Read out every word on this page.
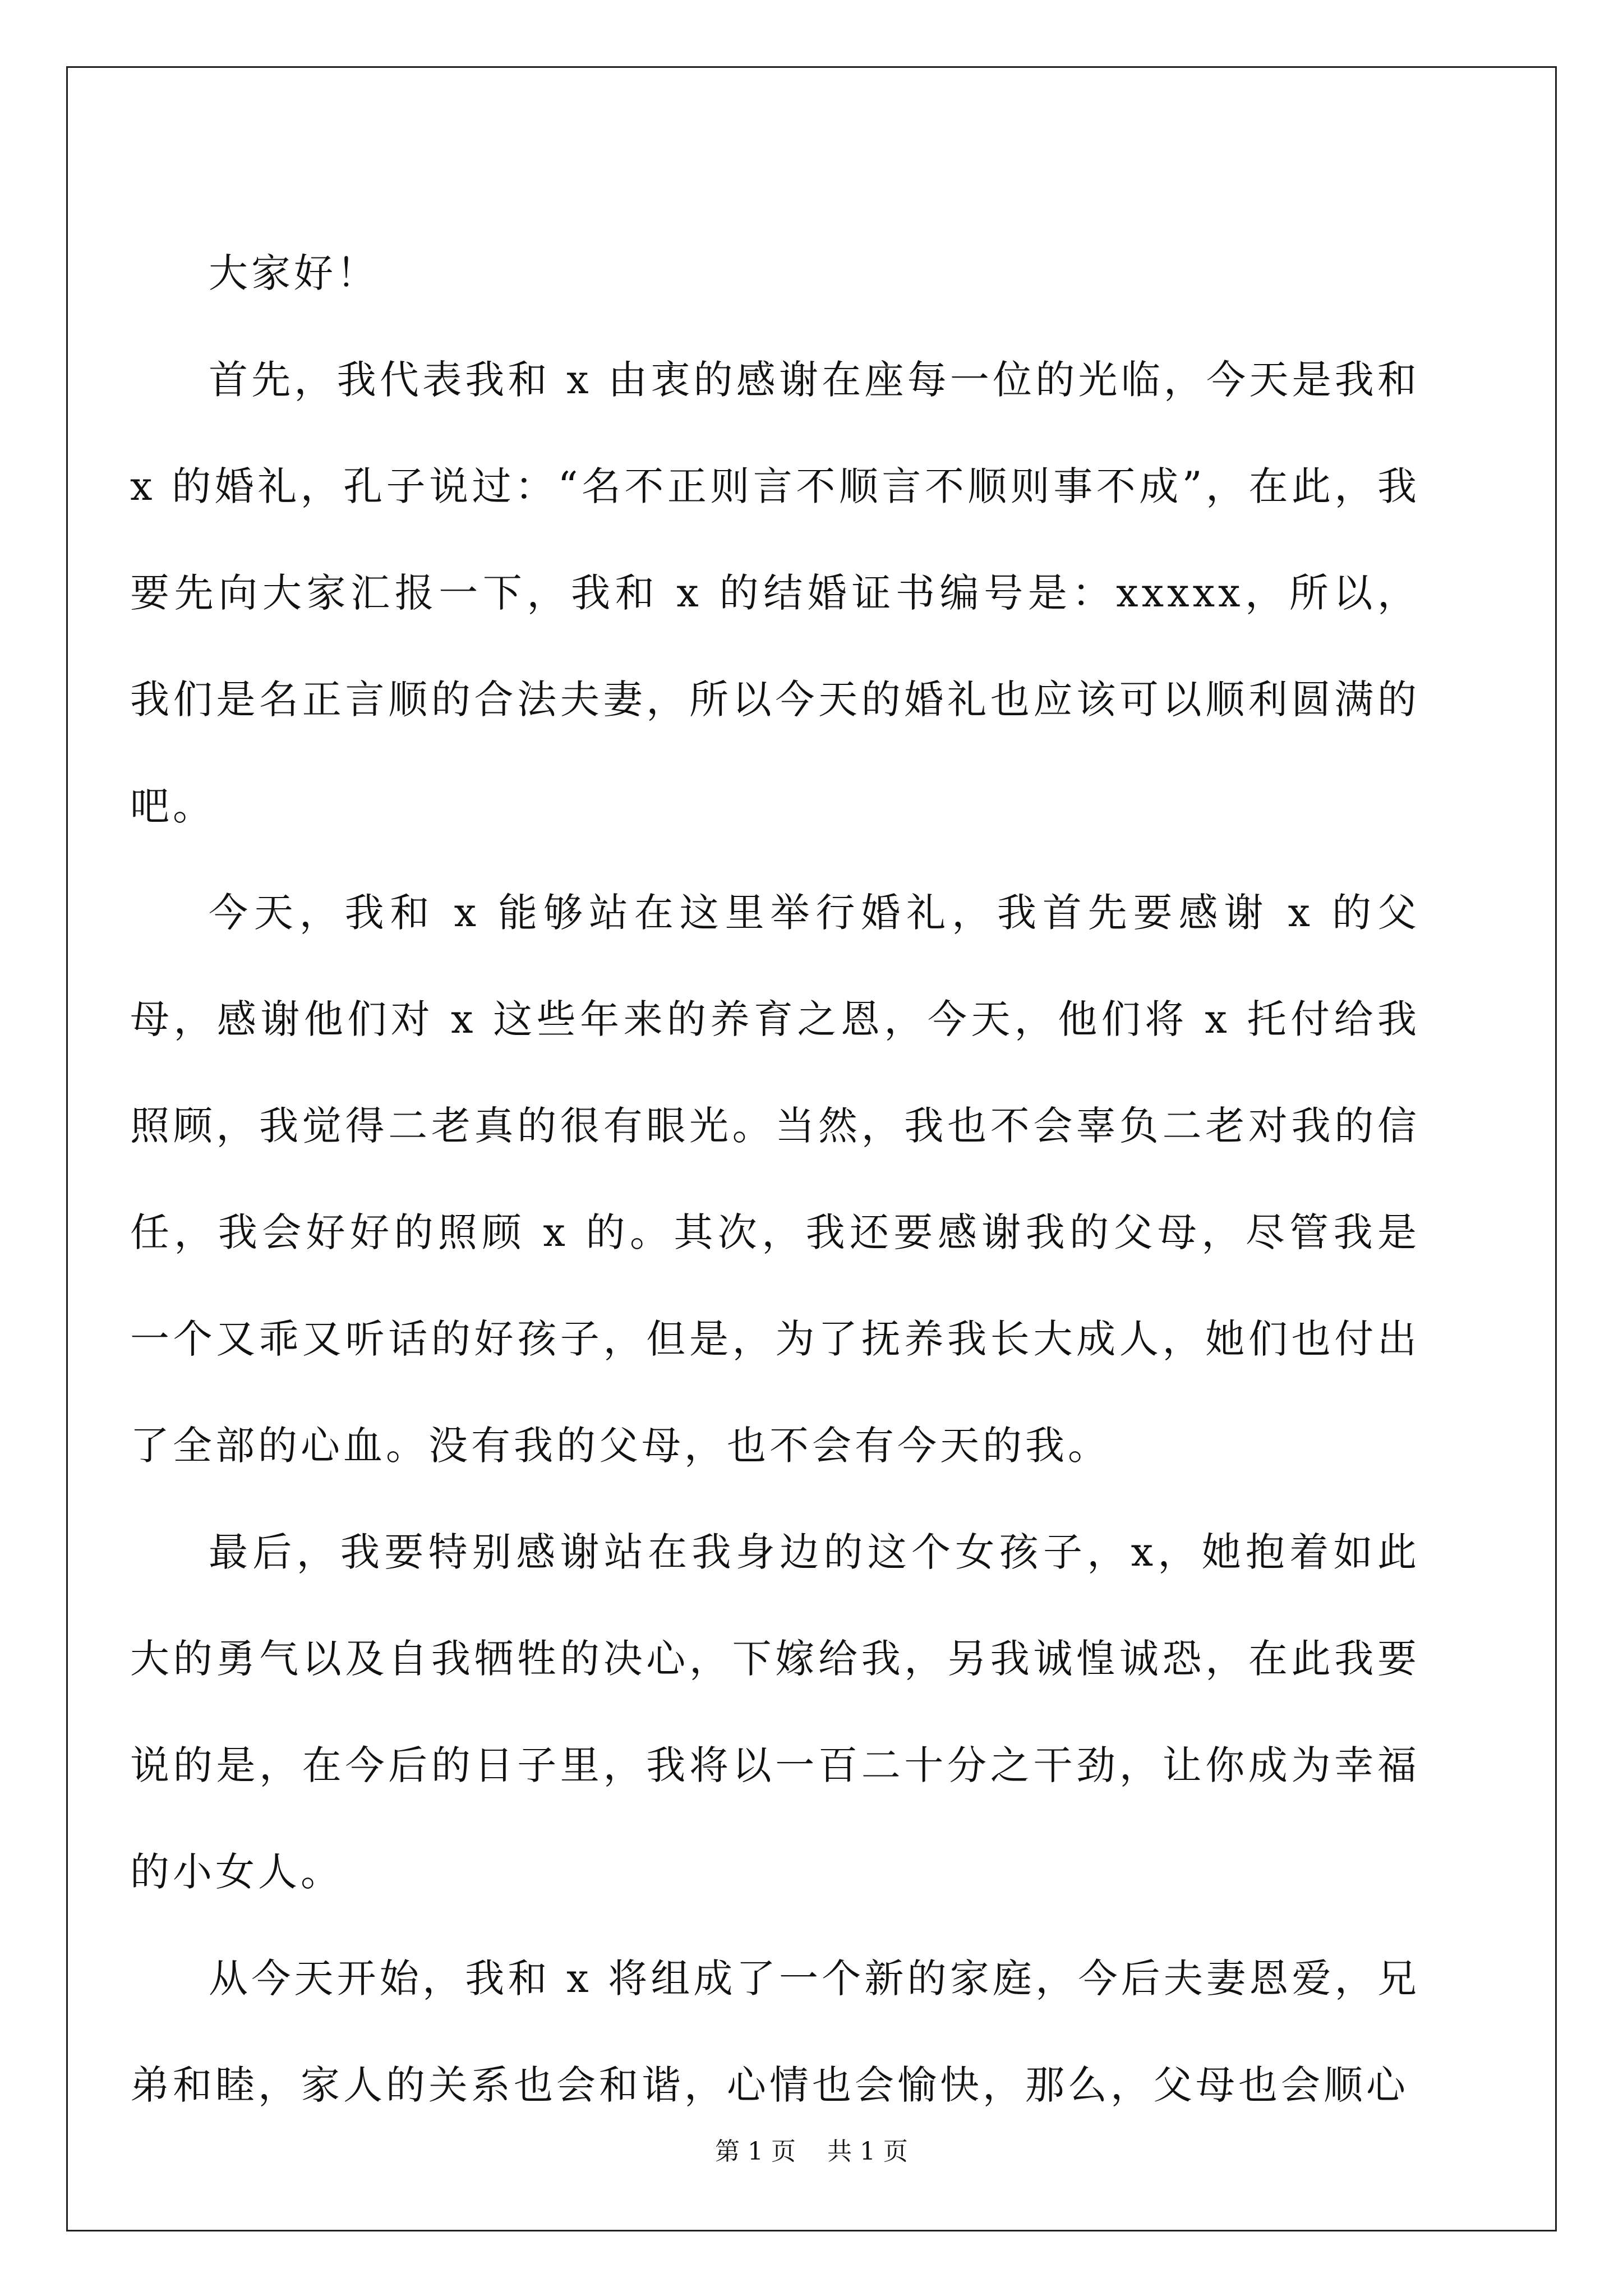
大家好！

首先，我代表我和 x 由衷的感谢在座每一位的光临，今天是我和 x 的婚礼，孔子说过：“名不正则言不顺言不顺则事不成”，在此，我要先向大家汇报一下，我和 x 的结婚证书编号是：xxxxx，所以，我们是名正言顺的合法夫妻，所以今天的婚礼也应该可以顺利圆满的吧。

今天，我和 x 能够站在这里举行婚礼，我首先要感谢 x 的父母，感谢他们对 x 这些年来的养育之恩，今天，他们将 x 托付给我照顾，我觉得二老真的很有眼光。当然，我也不会辜负二老对我的信任，我会好好的照顾 x 的。其次，我还要感谢我的父母，尽管我是一个又乖又听话的好孩子，但是，为了抚养我长大成人，她们也付出了全部的心血。没有我的父母，也不会有今天的我。

最后，我要特别感谢站在我身边的这个女孩子，x，她抱着如此大的勇气以及自我牺牲的决心，下嫁给我，另我诚惶诚恐，在此我要说的是，在今后的日子里，我将以一百二十分之干劲，让你成为幸福的小女人。

从今天开始，我和 x 将组成了一个新的家庭，今后夫妻恩爱，兄弟和睦，家人的关系也会和谐，心情也会愉快，那么，父母也会顺心

第 1 页    共 1 页
